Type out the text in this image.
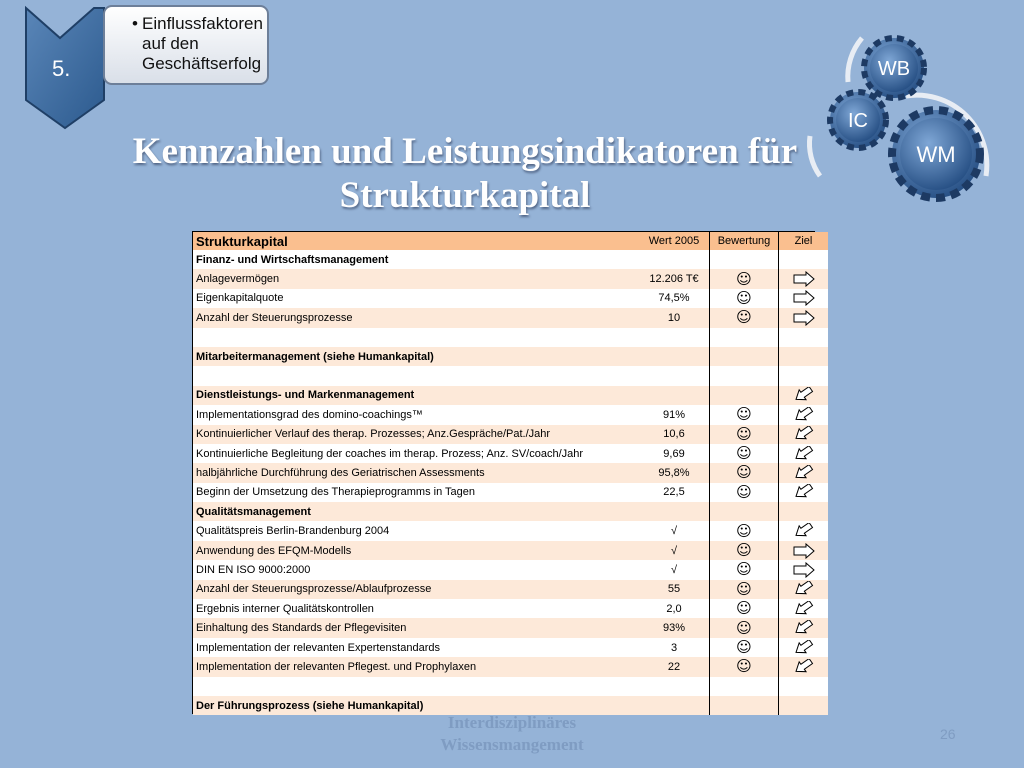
5.
• Einflussfaktoren
auf den
Geschäftserfolg	WB
IC
WM
Kennzahlen und Leistungsindikatoren für
Strukturkapital
Strukturkapital	Wert 2005	Bewertung	Ziel
Finanz- und Wirtschaftsmanagement			
Anlagevermögen	12.206 T€	☺	
Eigenkapitalquote	74,5%	☺	
Anzahl der Steuerungsprozesse	10	☺	

Mitarbeitermanagement (siehe Humankapital)			

Dienstleistungs- und Markenmanagement			
Implementationsgrad des domino-coachings™	91%	☺	
Kontinuierlicher Verlauf des therap. Prozesses; Anz.Gespräche/Pat./Jahr	10,6	☺	
Kontinuierliche Begleitung der coaches im therap. Prozess; Anz. SV/coach/Jahr	9,69	☺	
halbjährliche Durchführung des Geriatrischen Assessments	95,8%	☺	
Beginn der Umsetzung des Therapieprogramms in Tagen	22,5	☺	
Qualitätsmanagement			
Qualitätspreis Berlin-Brandenburg 2004	√	☺	
Anwendung des EFQM-Modells	√	☺	
DIN EN ISO 9000:2000	√	☺	
Anzahl der Steuerungsprozesse/Ablaufprozesse	55	☺	
Ergebnis interner Qualitätskontrollen	2,0	☺	
Einhaltung des Standards der Pflegevisiten	93%	☺	
Implementation der relevanten Expertenstandards	3	☺	
Implementation der relevanten Pflegest. und Prophylaxen	22	☺	

Der Führungsprozess (siehe Humankapital)			
Interdisziplinäres
Wissensmangement
26
